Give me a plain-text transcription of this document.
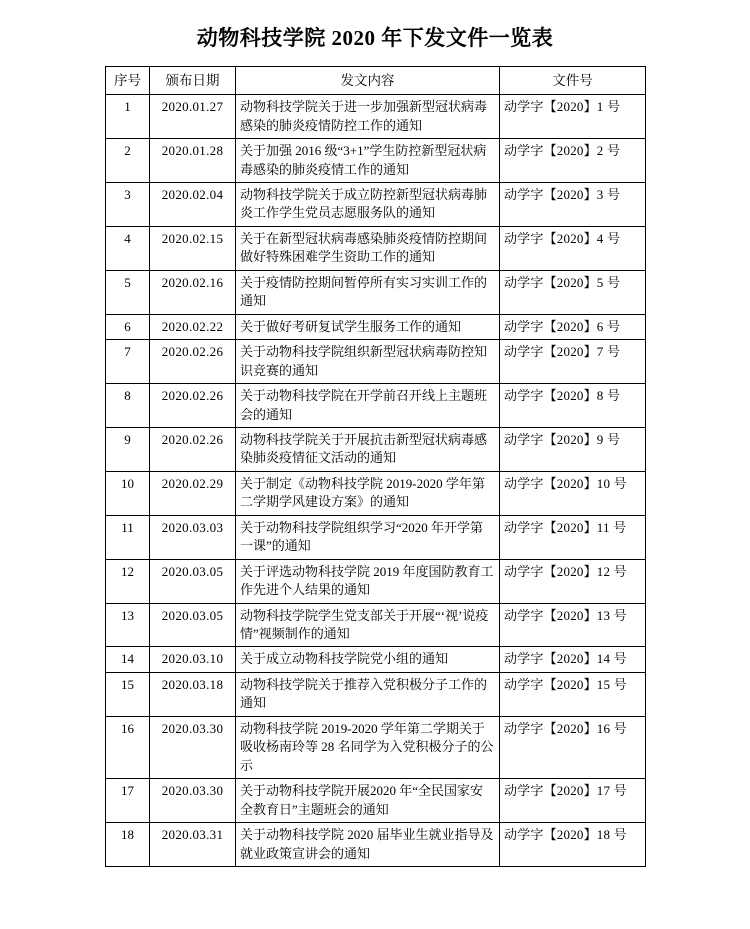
动物科技学院 2020 年下发文件一览表
序号	颁布日期	发文内容	文件号
1	2020.01.27	动物科技学院关于进一步加强新型冠状病毒感染的肺炎疫情防控工作的通知	动学字【2020】1 号
2	2020.01.28	关于加强 2016 级“3+1”学生防控新型冠状病毒感染的肺炎疫情工作的通知	动学字【2020】2 号
3	2020.02.04	动物科技学院关于成立防控新型冠状病毒肺炎工作学生党员志愿服务队的通知	动学字【2020】3 号
4	2020.02.15	关于在新型冠状病毒感染肺炎疫情防控期间做好特殊困难学生资助工作的通知	动学字【2020】4 号
5	2020.02.16	关于疫情防控期间暂停所有实习实训工作的通知	动学字【2020】5 号
6	2020.02.22	关于做好考研复试学生服务工作的通知	动学字【2020】6 号
7	2020.02.26	关于动物科技学院组织新型冠状病毒防控知识竞赛的通知	动学字【2020】7 号
8	2020.02.26	关于动物科技学院在开学前召开线上主题班会的通知	动学字【2020】8 号
9	2020.02.26	动物科技学院关于开展抗击新型冠状病毒感染肺炎疫情征文活动的通知	动学字【2020】9 号
10	2020.02.29	关于制定《动物科技学院 2019-2020 学年第二学期学风建设方案》的通知	动学字【2020】10 号
11	2020.03.03	关于动物科技学院组织学习“2020 年开学第一课”的通知	动学字【2020】11 号
12	2020.03.05	关于评选动物科技学院 2019 年度国防教育工作先进个人结果的通知	动学字【2020】12 号
13	2020.03.05	动物科技学院学生党支部关于开展“‘视’说疫情”视频制作的通知	动学字【2020】13 号
14	2020.03.10	关于成立动物科技学院党小组的通知	动学字【2020】14 号
15	2020.03.18	动物科技学院关于推荐入党积极分子工作的通知	动学字【2020】15 号
16	2020.03.30	动物科技学院 2019-2020 学年第二学期关于吸收杨南玲等 28 名同学为入党积极分子的公示	动学字【2020】16 号
17	2020.03.30	关于动物科技学院开展2020 年“全民国家安全教育日”主题班会的通知	动学字【2020】17 号
18	2020.03.31	关于动物科技学院 2020 届毕业生就业指导及就业政策宣讲会的通知	动学字【2020】18 号
